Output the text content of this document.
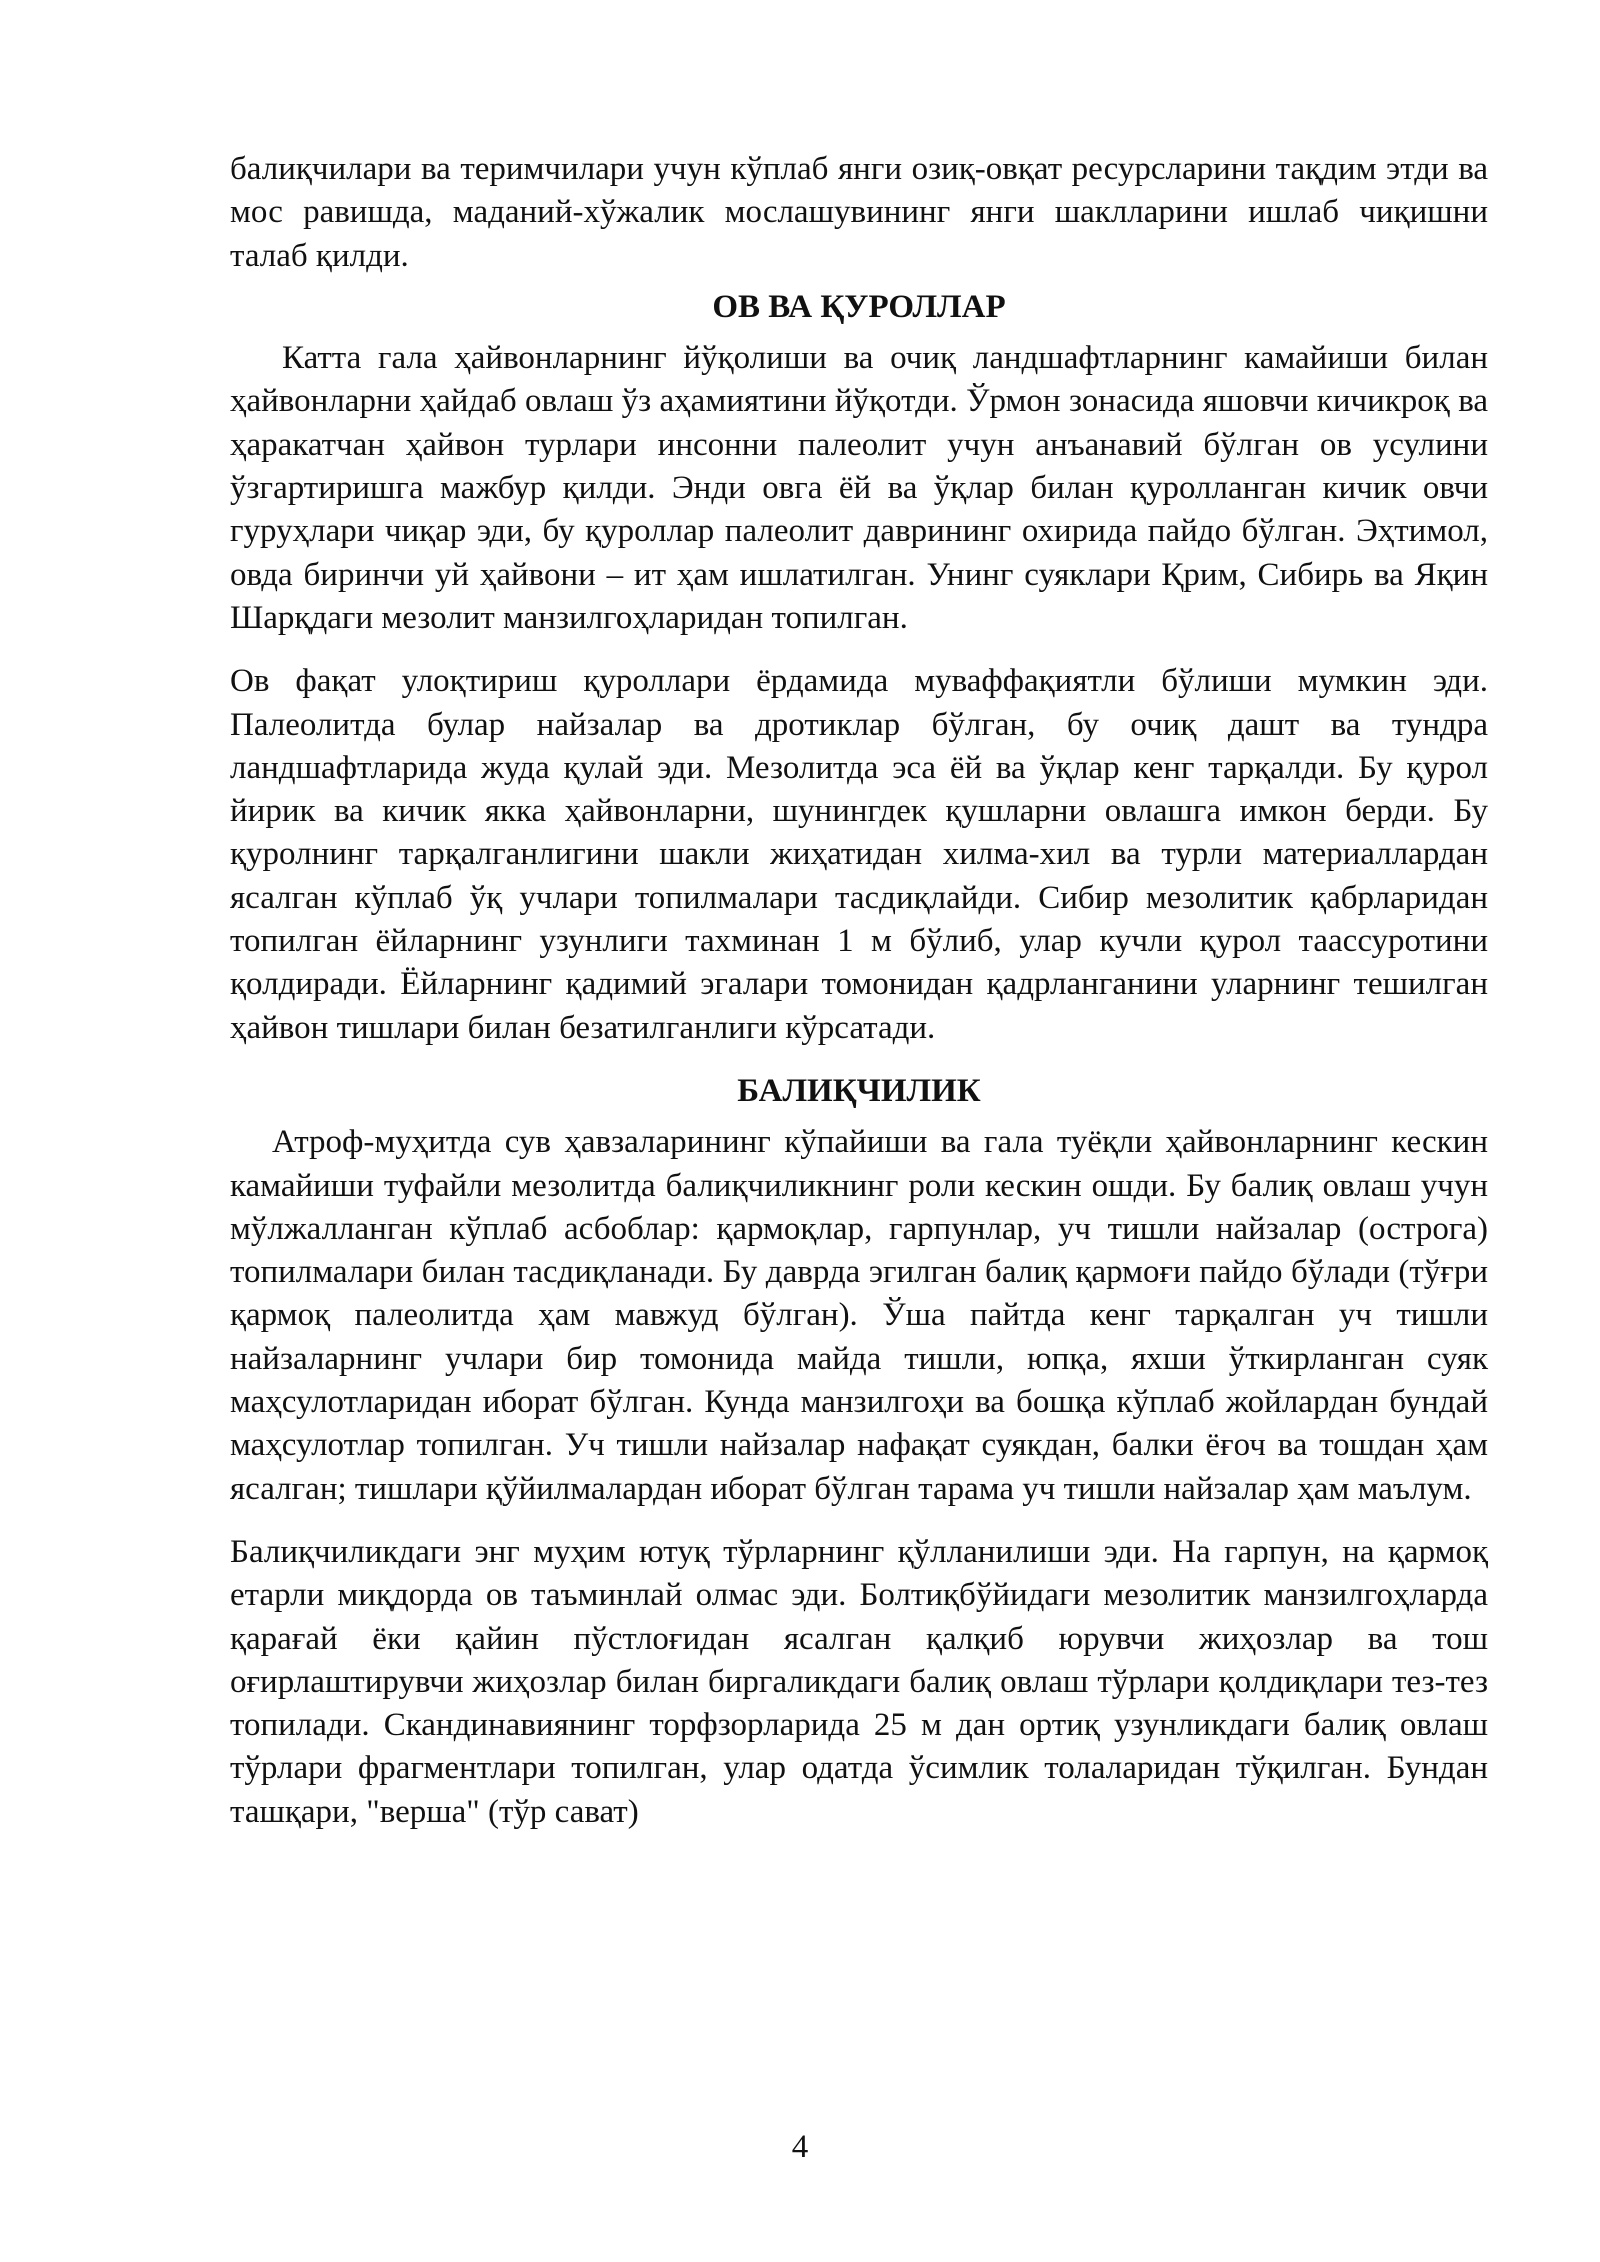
балиқчилари ва теримчилари учун кўплаб янги озиқ-овқат ресурсларини тақдим этди ва мос равишда, маданий-хўжалик мослашувининг янги шаклларини ишлаб чиқишни талаб қилди.

ОВ ВА ҚУРОЛЛАР

Катта гала ҳайвонларнинг йўқолиши ва очиқ ландшафтларнинг камайиши билан ҳайвонларни ҳайдаб овлаш ўз аҳамиятини йўқотди. Ўрмон зонасида яшовчи кичикроқ ва ҳаракатчан ҳайвон турлари инсонни палеолит учун анъанавий бўлган ов усулини ўзгартиришга мажбур қилди. Энди овга ёй ва ўқлар билан қуролланган кичик овчи гуруҳлари чиқар эди, бу қуроллар палеолит даврининг охирида пайдо бўлган. Эҳтимол, овда биринчи уй ҳайвони – ит ҳам ишлатилган. Унинг суяклари Қрим, Сибирь ва Яқин Шарқдаги мезолит манзилгоҳларидан топилган.

Ов фақат улоқтириш қуроллари ёрдамида муваффақиятли бўлиши мумкин эди. Палеолитда булар найзалар ва дротиклар бўлган, бу очиқ дашт ва тундра ландшафтларида жуда қулай эди. Мезолитда эса ёй ва ўқлар кенг тарқалди. Бу қурол йирик ва кичик якка ҳайвонларни, шунингдек қушларни овлашга имкон берди. Бу қуролнинг тарқалганлигини шакли жиҳатидан хилма-хил ва турли материаллардан ясалган кўплаб ўқ учлари топилмалари тасдиқлайди. Сибир мезолитик қабрларидан топилган ёйларнинг узунлиги тахминан 1 м бўлиб, улар кучли қурол таассуротини қолдиради. Ёйларнинг қадимий эгалари томонидан қадрланганини уларнинг тешилган ҳайвон тишлари билан безатилганлиги кўрсатади.

БАЛИҚЧИЛИК

Атроф-муҳитда сув ҳавзаларининг кўпайиши ва гала туёқли ҳайвонларнинг кескин камайиши туфайли мезолитда балиқчиликнинг роли кескин ошди. Бу балиқ овлаш учун мўлжалланган кўплаб асбоблар: қармоқлар, гарпунлар, уч тишли найзалар (острога) топилмалари билан тасдиқланади. Бу даврда эгилган балиқ қармоғи пайдо бўлади (тўғри қармоқ палеолитда ҳам мавжуд бўлган). Ўша пайтда кенг тарқалган уч тишли найзаларнинг учлари бир томонида майда тишли, юпқа, яхши ўткирланган суяк маҳсулотларидан иборат бўлган. Кунда манзилгоҳи ва бошқа кўплаб жойлардан бундай маҳсулотлар топилган. Уч тишли найзалар нафақат суякдан, балки ёғоч ва тошдан ҳам ясалган; тишлари қўйилмалардан иборат бўлган тарама уч тишли найзалар ҳам маълум.

Балиқчиликдаги энг муҳим ютуқ тўрларнинг қўлланилиши эди. На гарпун, на қармоқ етарли миқдорда ов таъминлай олмас эди. Болтиқбўйидаги мезолитик манзилгоҳларда қарағай ёки қайин пўстлоғидан ясалган қалқиб юрувчи жиҳозлар ва тош оғирлаштирувчи жиҳозлар билан биргаликдаги балиқ овлаш тўрлари қолдиқлари тез-тез топилади. Скандинавиянинг торфзорларида 25 м дан ортиқ узунликдаги балиқ овлаш тўрлари фрагментлари топилган, улар одатда ўсимлик толаларидан тўқилган. Бундан ташқари, "верша" (тўр сават)

4
